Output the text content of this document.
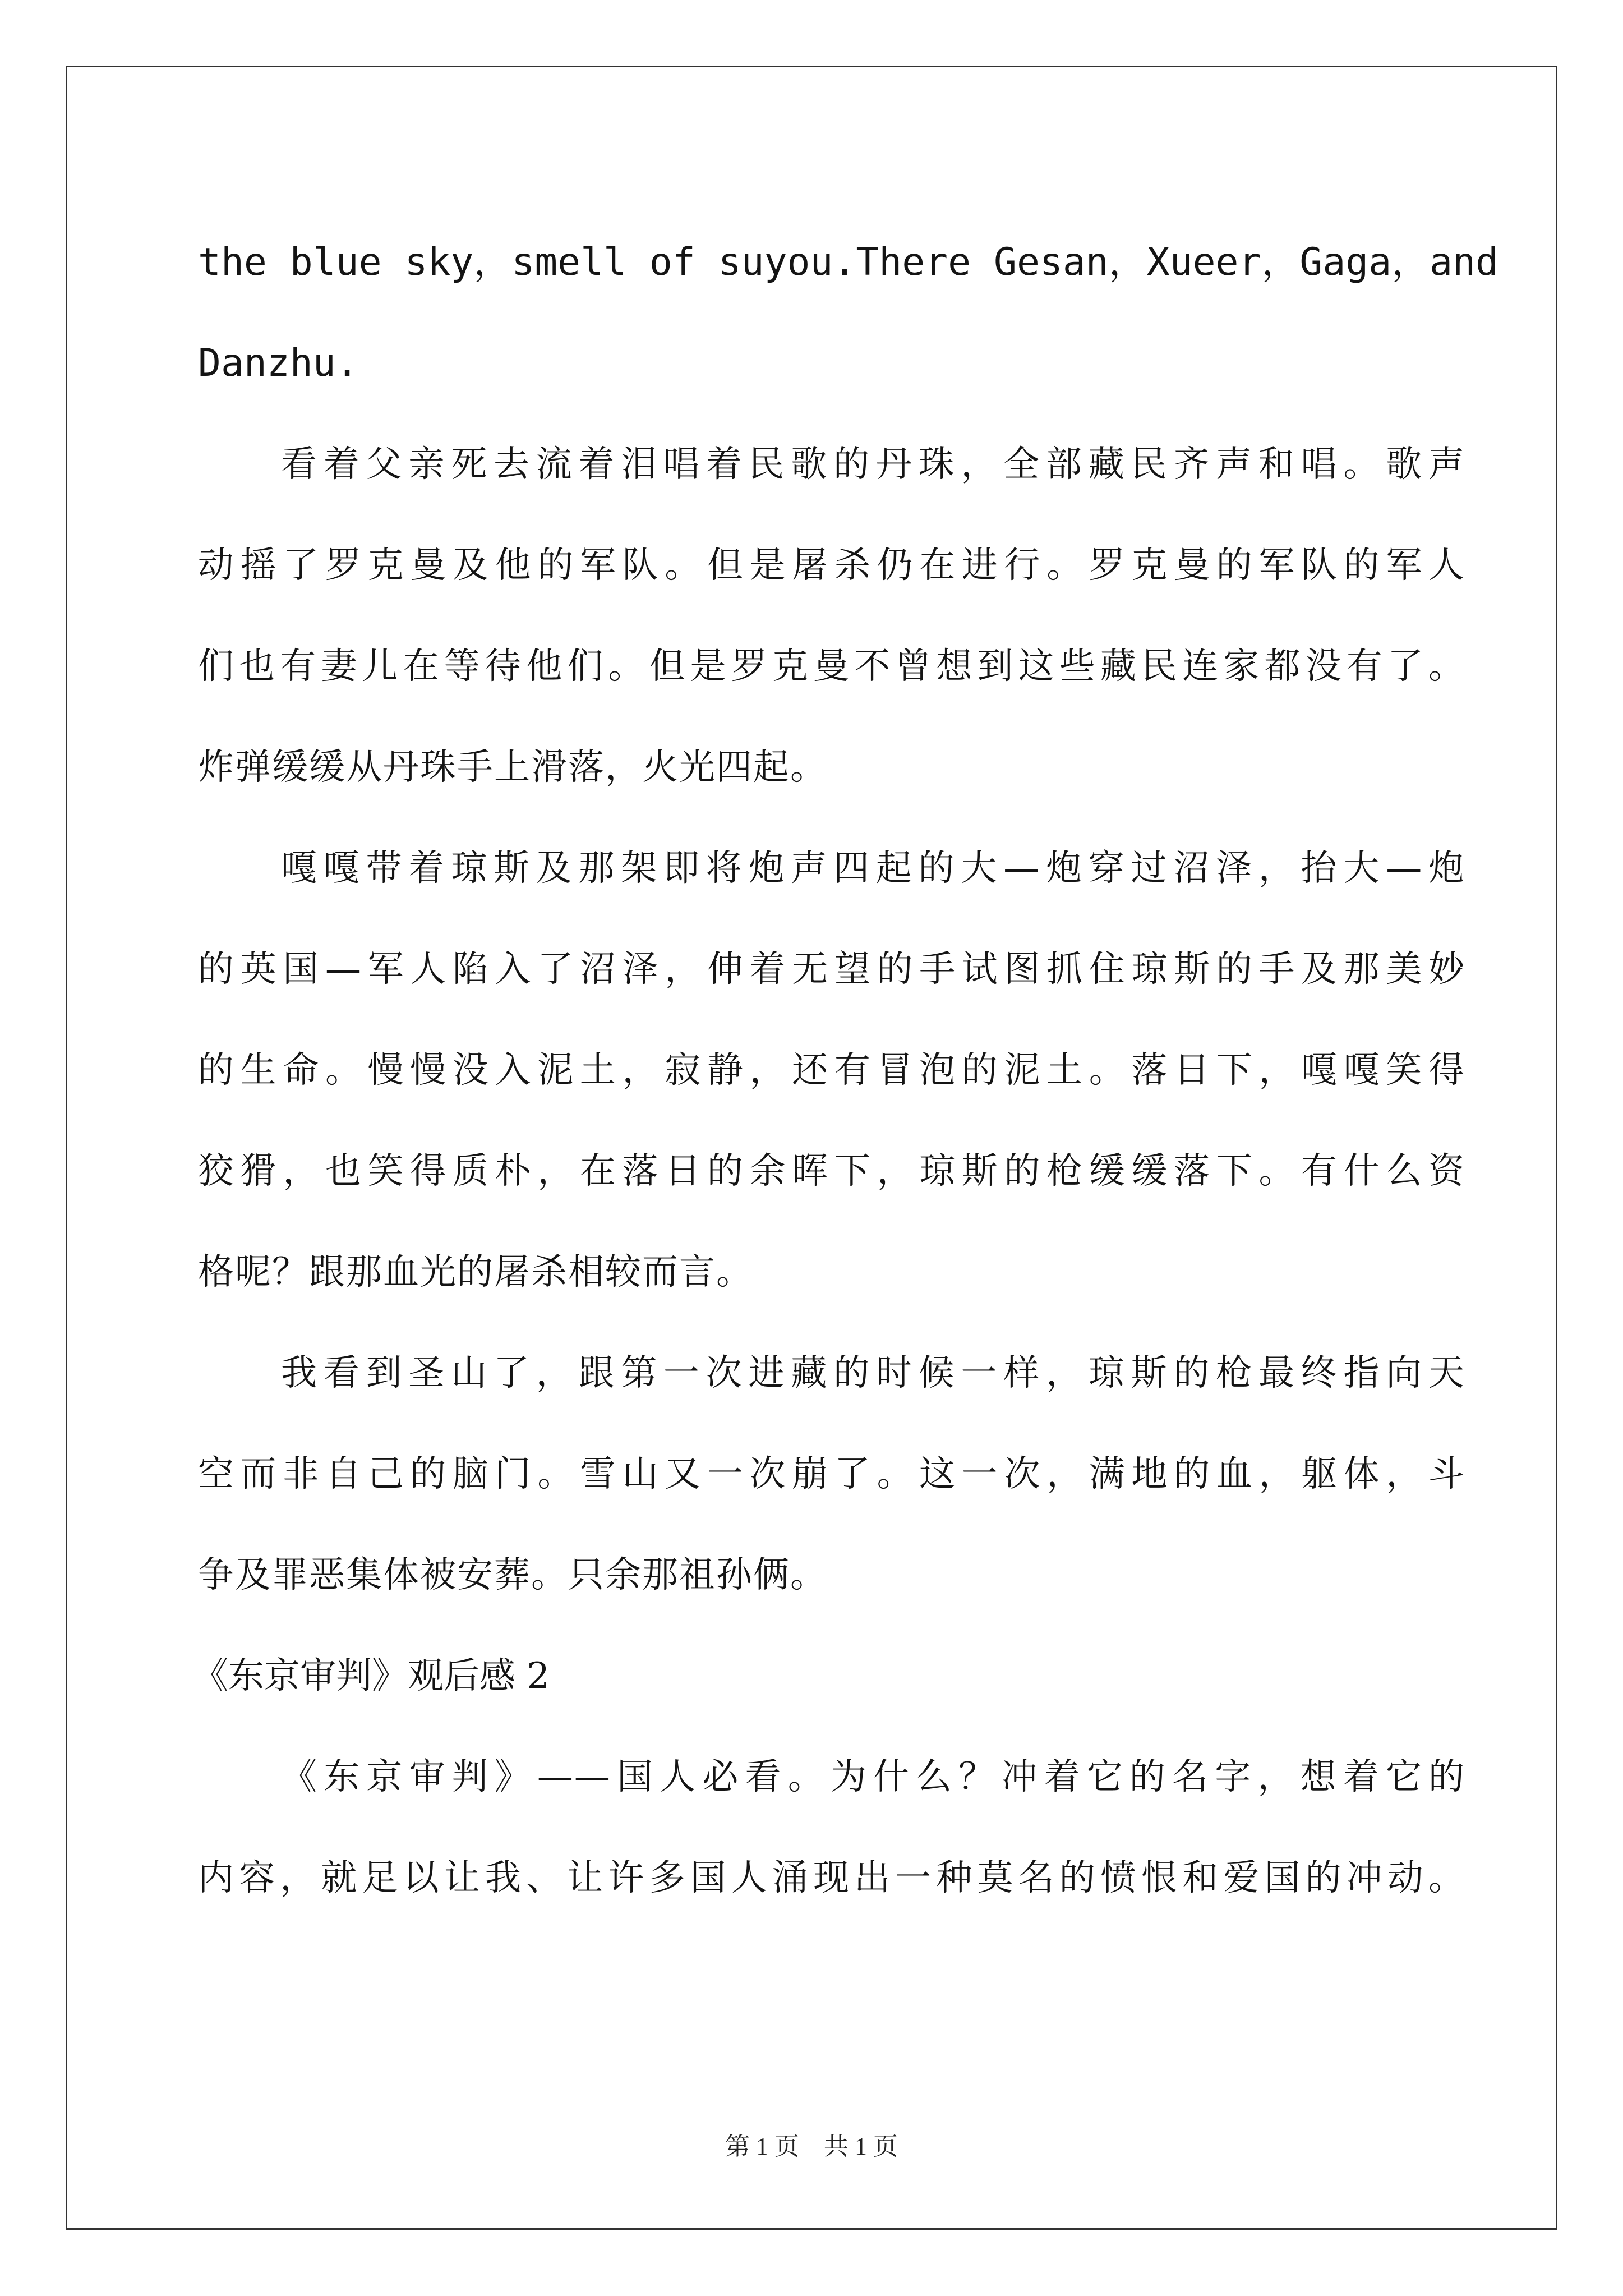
the blue sky，smell of suyou.There Gesan，Xueer，Gaga，and
Danzhu.
看着父亲死去流着泪唱着民歌的丹珠，全部藏民齐声和唱。歌声
动摇了罗克曼及他的军队。但是屠杀仍在进行。罗克曼的军队的军人
们也有妻儿在等待他们。但是罗克曼不曾想到这些藏民连家都没有了。
炸弹缓缓从丹珠手上滑落，火光四起。
嘎嘎带着琼斯及那架即将炮声四起的大—炮穿过沼泽，抬大—炮
的英国—军人陷入了沼泽，伸着无望的手试图抓住琼斯的手及那美妙
的生命。慢慢没入泥土，寂静，还有冒泡的泥土。落日下，嘎嘎笑得
狡猾，也笑得质朴，在落日的余晖下，琼斯的枪缓缓落下。有什么资
格呢？跟那血光的屠杀相较而言。
我看到圣山了，跟第一次进藏的时候一样，琼斯的枪最终指向天
空而非自己的脑门。雪山又一次崩了。这一次，满地的血，躯体，斗
争及罪恶集体被安葬。只余那祖孙俩。
《东京审判》观后感 2
《东京审判》——国人必看。为什么？冲着它的名字，想着它的
内容，就足以让我、让许多国人涌现出一种莫名的愤恨和爱国的冲动。
第 1 页　共 1 页
